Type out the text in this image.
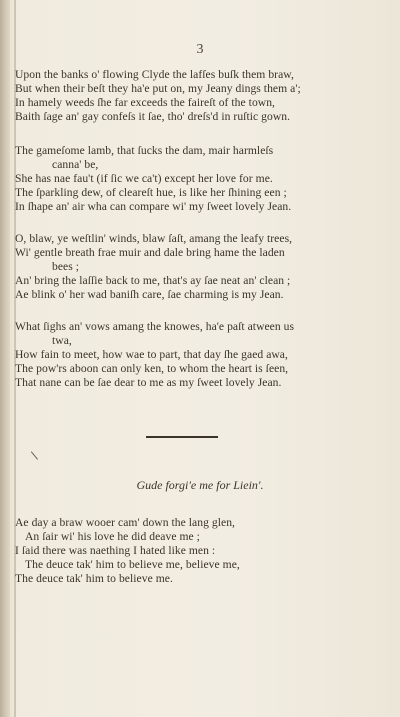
3
Upon the banks o' flowing Clyde the lafſes buſk them braw,
But when their beſt they ha'e put on, my Jeany dings them a';
In hamely weeds ſhe far exceeds the faireſt of the town,
Baith ſage an' gay confeſs it ſae, tho' dreſs'd in ruſtic gown.
The gameſome lamb, that ſucks the dam, mair harmleſs
canna' be,
She has nae fau't (if ſic we ca't) except her love for me.
The ſparkling dew, of cleareſt hue, is like her ſhining een ;
In ſhape an' air wha can compare wi' my ſweet lovely Jean.
O, blaw, ye weſtlin' winds, blaw ſaſt, amang the leafy trees,
Wi' gentle breath frae muir and dale bring hame the laden
bees ;
An' bring the laſſie back to me, that's ay ſae neat an' clean ;
Ae blink o' her wad baniſh care, ſae charming is my Jean.
What ſighs an' vows amang the knowes, ha'e paſt atween us
twa,
How fain to meet, how wae to part, that day ſhe gaed awa,
The pow'rs aboon can only ken, to whom the heart is ſeen,
That nane can be ſae dear to me as my ſweet lovely Jean.
Gude forgi'e me for Liein'.
Ae day a braw wooer cam' down the lang glen,
An ſair wi' his love he did deave me ;
I ſaid there was naething I hated like men :
The deuce tak' him to believe me, believe me,
The deuce tak' him to believe me.
